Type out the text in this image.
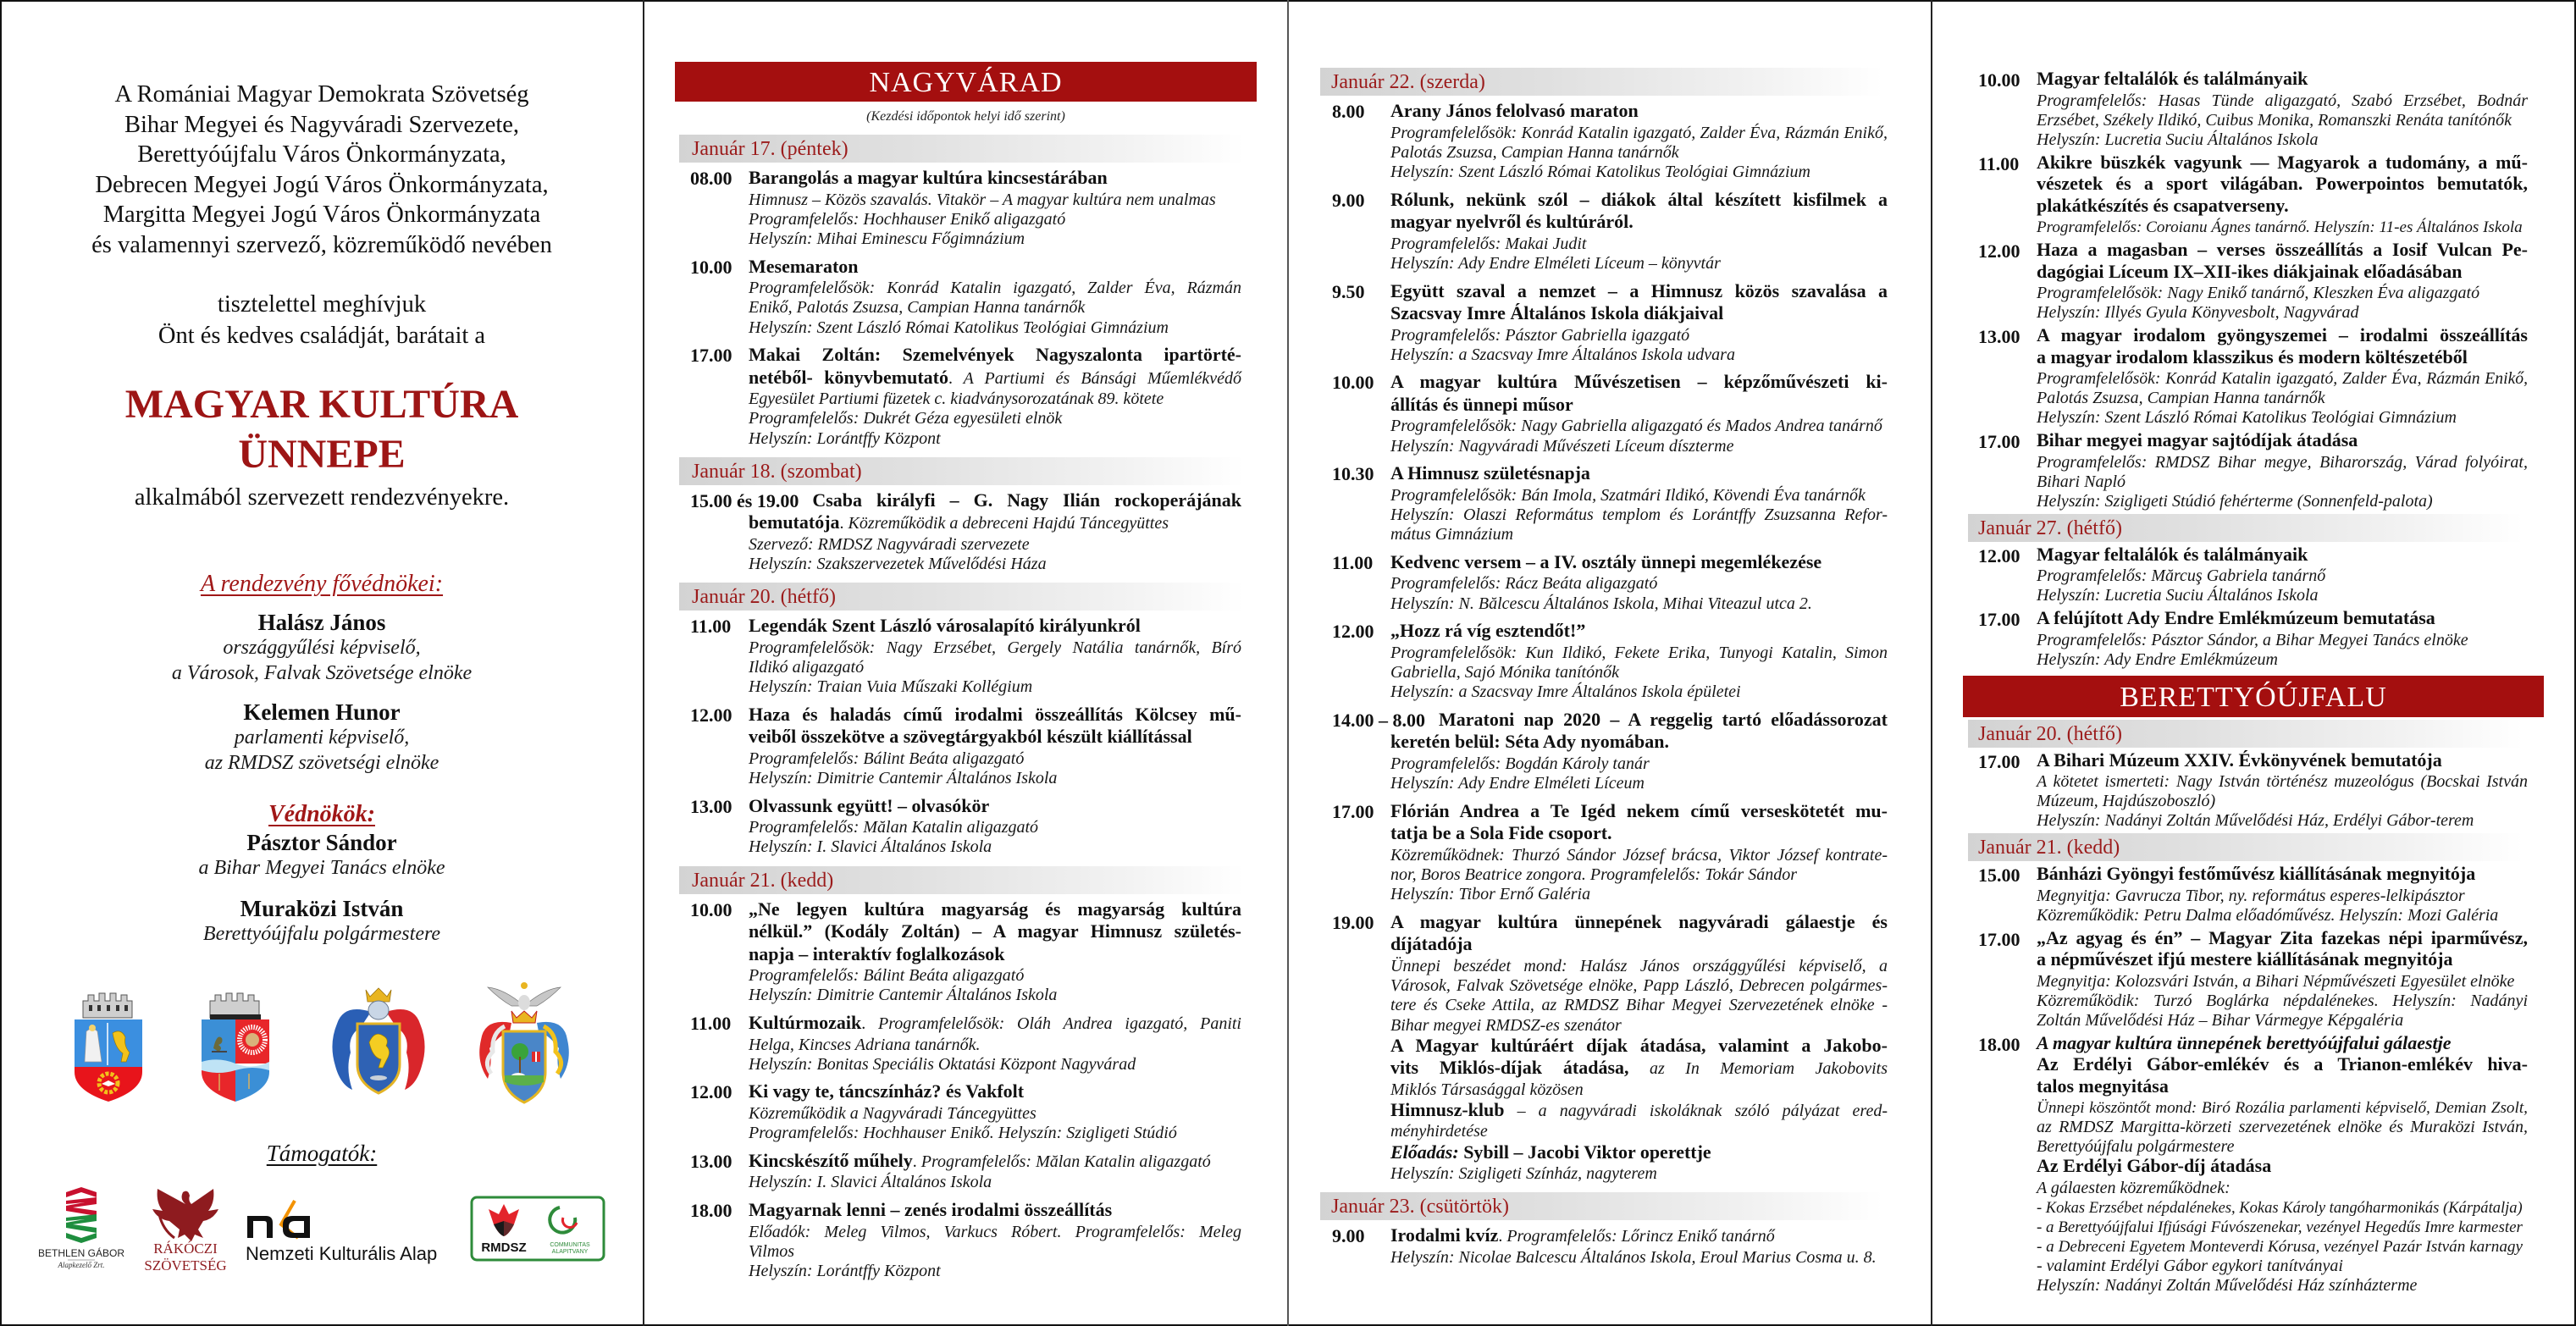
A Romániai Magyar Demokrata Szövetség
Bihar Megyei és Nagyváradi Szervezete,
Berettyóújfalu Város Önkormányzata,
Debrecen Megyei Jogú Város Önkormányzata,
Margitta Megyei Jogú Város Önkormányzata
és valamennyi szervező, közreműködő nevében
tisztelettel meghívjuk
Önt és kedves családját, barátait a
MAGYAR KULTÚRA
ÜNNEPE
alkalmából szervezett rendezvényekre.
A rendezvény fővédnökei:
Halász János
országgyűlési képviselő,
a Városok, Falvak Szövetsége elnöke
Kelemen Hunor
parlamenti képviselő,
az RMDSZ szövetségi elnöke
Védnökök:
Pásztor Sándor
a Bihar Megyei Tanács elnöke
Muraközi István
Berettyóújfalu polgármestere
Támogatók:
BETHLEN GÁBOR
Alapkezelő Zrt.
RÁKÓCZI
SZÖVETSÉG
Nemzeti Kulturális Alap	RMDSZ	COMMUNITAS
ALAPITVANY
NAGYVÁRAD
(Kezdési időpontok helyi idő szerint)
Január 17. (péntek)
08.00 Barangolás a magyar kultúra kincsestárában
Himnusz – Közös szavalás. Vitakör – A magyar kultúra nem unalmas
Programfelelős: Hochhauser Enikő aligazgató
Helyszín: Mihai Eminescu Főgimnázium
10.00 Mesemaraton
Programfelelősök: Konrád Katalin igazgató, Zalder Éva, Rázmán
Enikő, Palotás Zsuzsa, Campian Hanna tanárnők
Helyszín: Szent László Római Katolikus Teológiai Gimnázium
17.00 Makai Zoltán: Szemelvények Nagyszalonta ipartörté-
netéből- könyvbemutató. A Partiumi és Bánsági Műemlékvédő
Egyesület Partiumi füzetek c. kiadványsorozatának 89. kötete
Programfelelős: Dukrét Géza egyesületi elnök
Helyszín: Lorántffy Központ
Január 18. (szombat)
15.00 és 19.00 Csaba királyfi – G. Nagy Ilián rockoperájának
bemutatója. Közreműködik a debreceni Hajdú Táncegyüttes
Szervező: RMDSZ Nagyváradi szervezete
Helyszín: Szakszervezetek Művelődési Háza
Január 20. (hétfő)
11.00 Legendák Szent László városalapító királyunkról
Programfelelősök: Nagy Erzsébet, Gergely Natália tanárnők, Bíró
Ildikó aligazgató
Helyszín: Traian Vuia Műszaki Kollégium
12.00 Haza és haladás című irodalmi összeállítás Kölcsey mű-
veiből összekötve a szövegtárgyakból készült kiállítással
Programfelelős: Bálint Beáta aligazgató
Helyszín: Dimitrie Cantemir Általános Iskola
13.00 Olvassunk együtt! – olvasókör
Programfelelős: Mălan Katalin aligazgató
Helyszín: I. Slavici Általános Iskola
Január 21. (kedd)
10.00 „Ne legyen kultúra magyarság és magyarság kultúra
nélkül.” (Kodály Zoltán) – A magyar Himnusz születés-
napja – interaktív foglalkozások
Programfelelős: Bálint Beáta aligazgató
Helyszín: Dimitrie Cantemir Általános Iskola
11.00 Kultúrmozaik. Programfelelősök: Oláh Andrea igazgató, Paniti
Helga, Kincses Adriana tanárnők.
Helyszín: Bonitas Speciális Oktatási Központ Nagyvárad
12.00 Ki vagy te, táncszínház? és Vakfolt
Közreműködik a Nagyváradi Táncegyüttes
Programfelelős: Hochhauser Enikő. Helyszín: Szigligeti Stúdió
13.00 Kincskészítő műhely. Programfelelős: Mălan Katalin aligazgató
Helyszín: I. Slavici Általános Iskola
18.00 Magyarnak lenni – zenés irodalmi összeállítás
Előadók: Meleg Vilmos, Varkucs Róbert. Programfelelős: Meleg
Vilmos
Helyszín: Lorántffy Központ
Január 22. (szerda)
8.00 Arany János felolvasó maraton
Programfelelősök: Konrád Katalin igazgató, Zalder Éva, Rázmán Enikő,
Palotás Zsuzsa, Campian Hanna tanárnők
Helyszín: Szent László Római Katolikus Teológiai Gimnázium
9.00 Rólunk, nekünk szól – diákok által készített kisfilmek a
magyar nyelvről és kultúráról.
Programfelelős: Makai Judit
Helyszín: Ady Endre Elméleti Líceum – könyvtár
9.50 Együtt szaval a nemzet – a Himnusz közös szavalása a
Szacsvay Imre Általános Iskola diákjaival
Programfelelős: Pásztor Gabriella igazgató
Helyszín: a Szacsvay Imre Általános Iskola udvara
10.00 A magyar kultúra Művészetisen – képzőművészeti ki-
állítás és ünnepi műsor
Programfelelősök: Nagy Gabriella aligazgató és Mados Andrea tanárnő
Helyszín: Nagyváradi Művészeti Líceum díszterme
10.30 A Himnusz születésnapja
Programfelelősök: Bán Imola, Szatmári Ildikó, Kövendi Éva tanárnők
Helyszín: Olaszi Református templom és Lorántffy Zsuzsanna Refor-
mátus Gimnázium
11.00 Kedvenc versem – a IV. osztály ünnepi megemlékezése
Programfelelős: Rácz Beáta aligazgató
Helyszín: N. Bălcescu Általános Iskola, Mihai Viteazul utca 2.
12.00 „Hozz rá víg esztendőt!”
Programfelelősök: Kun Ildikó, Fekete Erika, Tunyogi Katalin, Simon
Gabriella, Sajó Mónika tanítónők
Helyszín: a Szacsvay Imre Általános Iskola épületei
14.00 – 8.00 Maratoni nap 2020 – A reggelig tartó előadássorozat
keretén belül: Séta Ady nyomában.
Programfelelős: Bogdán Károly tanár
Helyszín: Ady Endre Elméleti Líceum
17.00 Flórián Andrea a Te Igéd nekem című verseskötetét mu-
tatja be a Sola Fide csoport.
Közreműködnek: Thurzó Sándor József brácsa, Viktor József kontrate-
nor, Boros Beatrice zongora. Programfelelős: Tokár Sándor
Helyszín: Tibor Ernő Galéria
19.00 A magyar kultúra ünnepének nagyváradi gálaestje és
díjátadója
Ünnepi beszédet mond: Halász János országgyűlési képviselő, a
Városok, Falvak Szövetsége elnöke, Papp László, Debrecen polgármes-
tere és Cseke Attila, az RMDSZ Bihar Megyei Szervezetének elnöke -
Bihar megyei RMDSZ-es szenátor
A Magyar kultúráért díjak átadása, valamint a Jakobo-
vits Miklós-díjak átadása, az In Memoriam Jakobovits
Miklós Társasággal közösen
Himnusz-klub – a nagyváradi iskoláknak szóló pályázat ered-
ményhirdetése
Előadás: Sybill – Jacobi Viktor operettje
Helyszín: Szigligeti Színház, nagyterem
Január 23. (csütörtök)
9.00 Irodalmi kvíz. Programfelelős: Lőrincz Enikő tanárnő
Helyszín: Nicolae Balcescu Általános Iskola, Eroul Marius Cosma u. 8.
10.00 Magyar feltalálók és találmányaik
Programfelelős: Hasas Tünde aligazgató, Szabó Erzsébet, Bodnár
Erzsébet, Székely Ildikó, Cuibus Monika, Romanszki Renáta tanítónők
Helyszín: Lucretia Suciu Általános Iskola
11.00 Akikre büszkék vagyunk — Magyarok a tudomány, a mű-
vészetek és a sport világában. Powerpointos bemutatók,
plakátkészítés és csapatverseny.
Programfelelős: Coroianu Ágnes tanárnő. Helyszín: 11-es Általános Iskola
12.00 Haza a magasban – verses összeállítás a Iosif Vulcan Pe-
dagógiai Líceum IX–XII-ikes diákjainak előadásában
Programfelelősök: Nagy Enikő tanárnő, Kleszken Éva aligazgató
Helyszín: Illyés Gyula Könyvesbolt, Nagyvárad
13.00 A magyar irodalom gyöngyszemei – irodalmi összeállítás
a magyar irodalom klasszikus és modern költészetéből
Programfelelősök: Konrád Katalin igazgató, Zalder Éva, Rázmán Enikő,
Palotás Zsuzsa, Campian Hanna tanárnők
Helyszín: Szent László Római Katolikus Teológiai Gimnázium
17.00 Bihar megyei magyar sajtódíjak átadása
Programfelelős: RMDSZ Bihar megye, Biharország, Várad folyóirat,
Bihari Napló
Helyszín: Szigligeti Stúdió fehérterme (Sonnenfeld-palota)
Január 27. (hétfő)
12.00 Magyar feltalálók és találmányaik
Programfelelős: Mărcuş Gabriela tanárnő
Helyszín: Lucretia Suciu Általános Iskola
17.00 A felújított Ady Endre Emlékmúzeum bemutatása
Programfelelős: Pásztor Sándor, a Bihar Megyei Tanács elnöke
Helyszín: Ady Endre Emlékmúzeum
BERETTYÓÚJFALU
Január 20. (hétfő)
17.00 A Bihari Múzeum XXIV. Évkönyvének bemutatója
A kötetet ismerteti: Nagy István történész muzeológus (Bocskai István
Múzeum, Hajdúszoboszló)
Helyszín: Nadányi Zoltán Művelődési Ház, Erdélyi Gábor-terem
Január 21. (kedd)
15.00 Bánházi Gyöngyi festőművész kiállításának megnyitója
Megnyitja: Gavrucza Tibor, ny. református esperes-lelkipásztor
Közreműködik: Petru Dalma előadóművész. Helyszín: Mozi Galéria
17.00 „Az agyag és én” – Magyar Zita fazekas népi iparművész,
a népművészet ifjú mestere kiállításának megnyitója
Megnyitja: Kolozsvári István, a Bihari Népművészeti Egyesület elnöke
Közreműködik: Turzó Boglárka népdalénekes. Helyszín: Nadányi
Zoltán Művelődési Ház – Bihar Vármegye Képgaléria
18.00 A magyar kultúra ünnepének berettyóújfalui gálaestje
Az Erdélyi Gábor-emlékév és a Trianon-emlékév hiva-
talos megnyitása
Ünnepi köszöntőt mond: Biró Rozália parlamenti képviselő, Demian Zsolt,
az RMDSZ Margitta-körzeti szervezetének elnöke és Muraközi István,
Berettyóújfalu polgármestere
Az Erdélyi Gábor-díj átadása
A gálaesten közreműködnek:
- Kokas Erzsébet népdalénekes, Kokas Károly tangóharmonikás (Kárpátalja)
- a Berettyóújfalui Ifjúsági Fúvószenekar, vezényel Hegedűs Imre karmester
- a Debreceni Egyetem Monteverdi Kórusa, vezényel Pazár István karnagy
- valamint Erdélyi Gábor egykori tanítványai
Helyszín: Nadányi Zoltán Művelődési Ház színházterme
